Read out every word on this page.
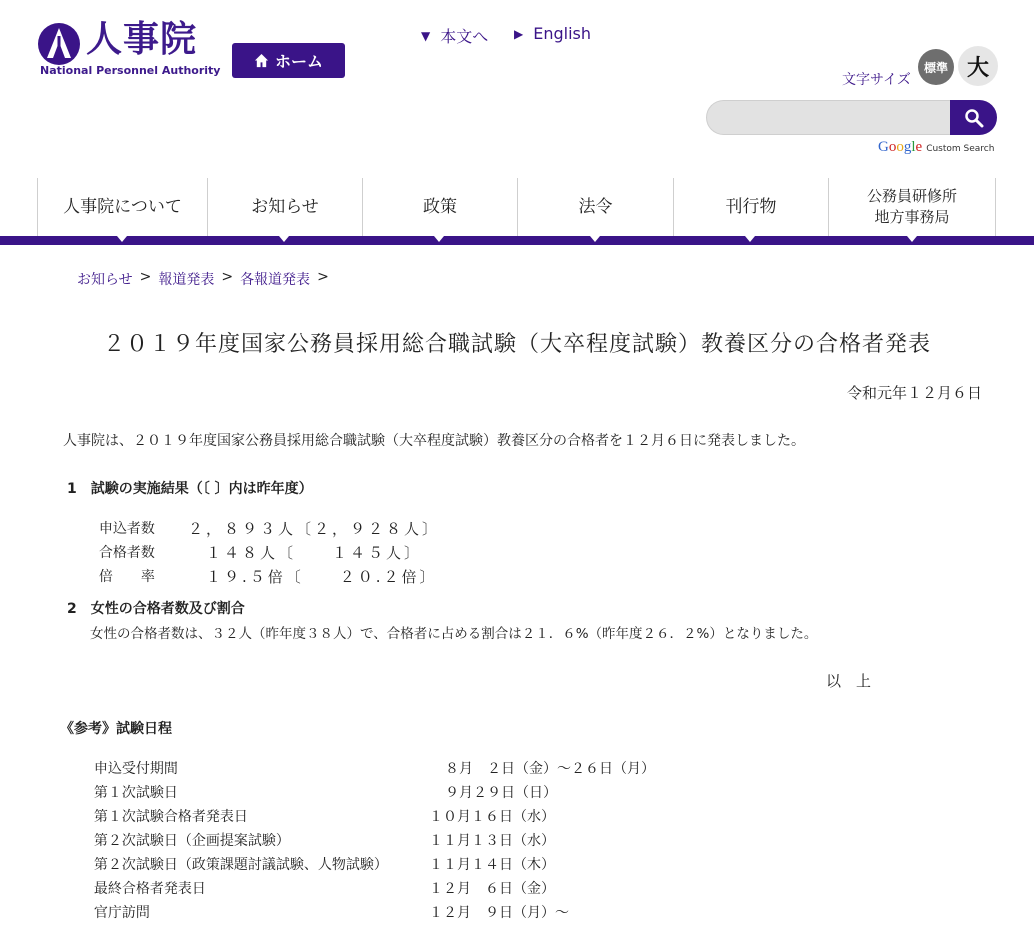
人事院
National Personnel Authority	ホーム
▼ 本文へ ▶ English
文字サイズ
標準 大
Google Custom Search
人事院について	お知らせ	政策	法令	刊行物
公務員研修所
地方事務局
お知らせ > 報道発表 > 各報道発表 >
２０１９年度国家公務員採用総合職試験（大卒程度試験）教養区分の合格者発表
令和元年１２月６日
人事院は、２０１９年度国家公務員採用総合職試験（大卒程度試験）教養区分の合格者を１２月６日に発表しました。
1　試験の実施結果（〔 〕内は昨年度）

申込者数 ２，８９３人〔２，９２８人〕

合格者数 　１４８人〔　　１４５人〕

倍　　率 　１９.５倍〔　　２０.２倍〕

2　女性の合格者数及び割合
女性の合格者数は、３２人（昨年度３８人）で、合格者に占める割合は２１．６%（昨年度２６．２%）となりました。
以　上
《参考》試験日程

申込受付期間	８月　２日（金）～２６日（月）

第１次試験日	９月２９日（日）

第１次試験合格者発表日	１０月１６日（水）

第２次試験日（企画提案試験）	１１月１３日（水）

第２次試験日（政策課題討議試験、人物試験）	１１月１４日（木）

最終合格者発表日	１２月　６日（金）

官庁訪問	１２月　９日（月）～
